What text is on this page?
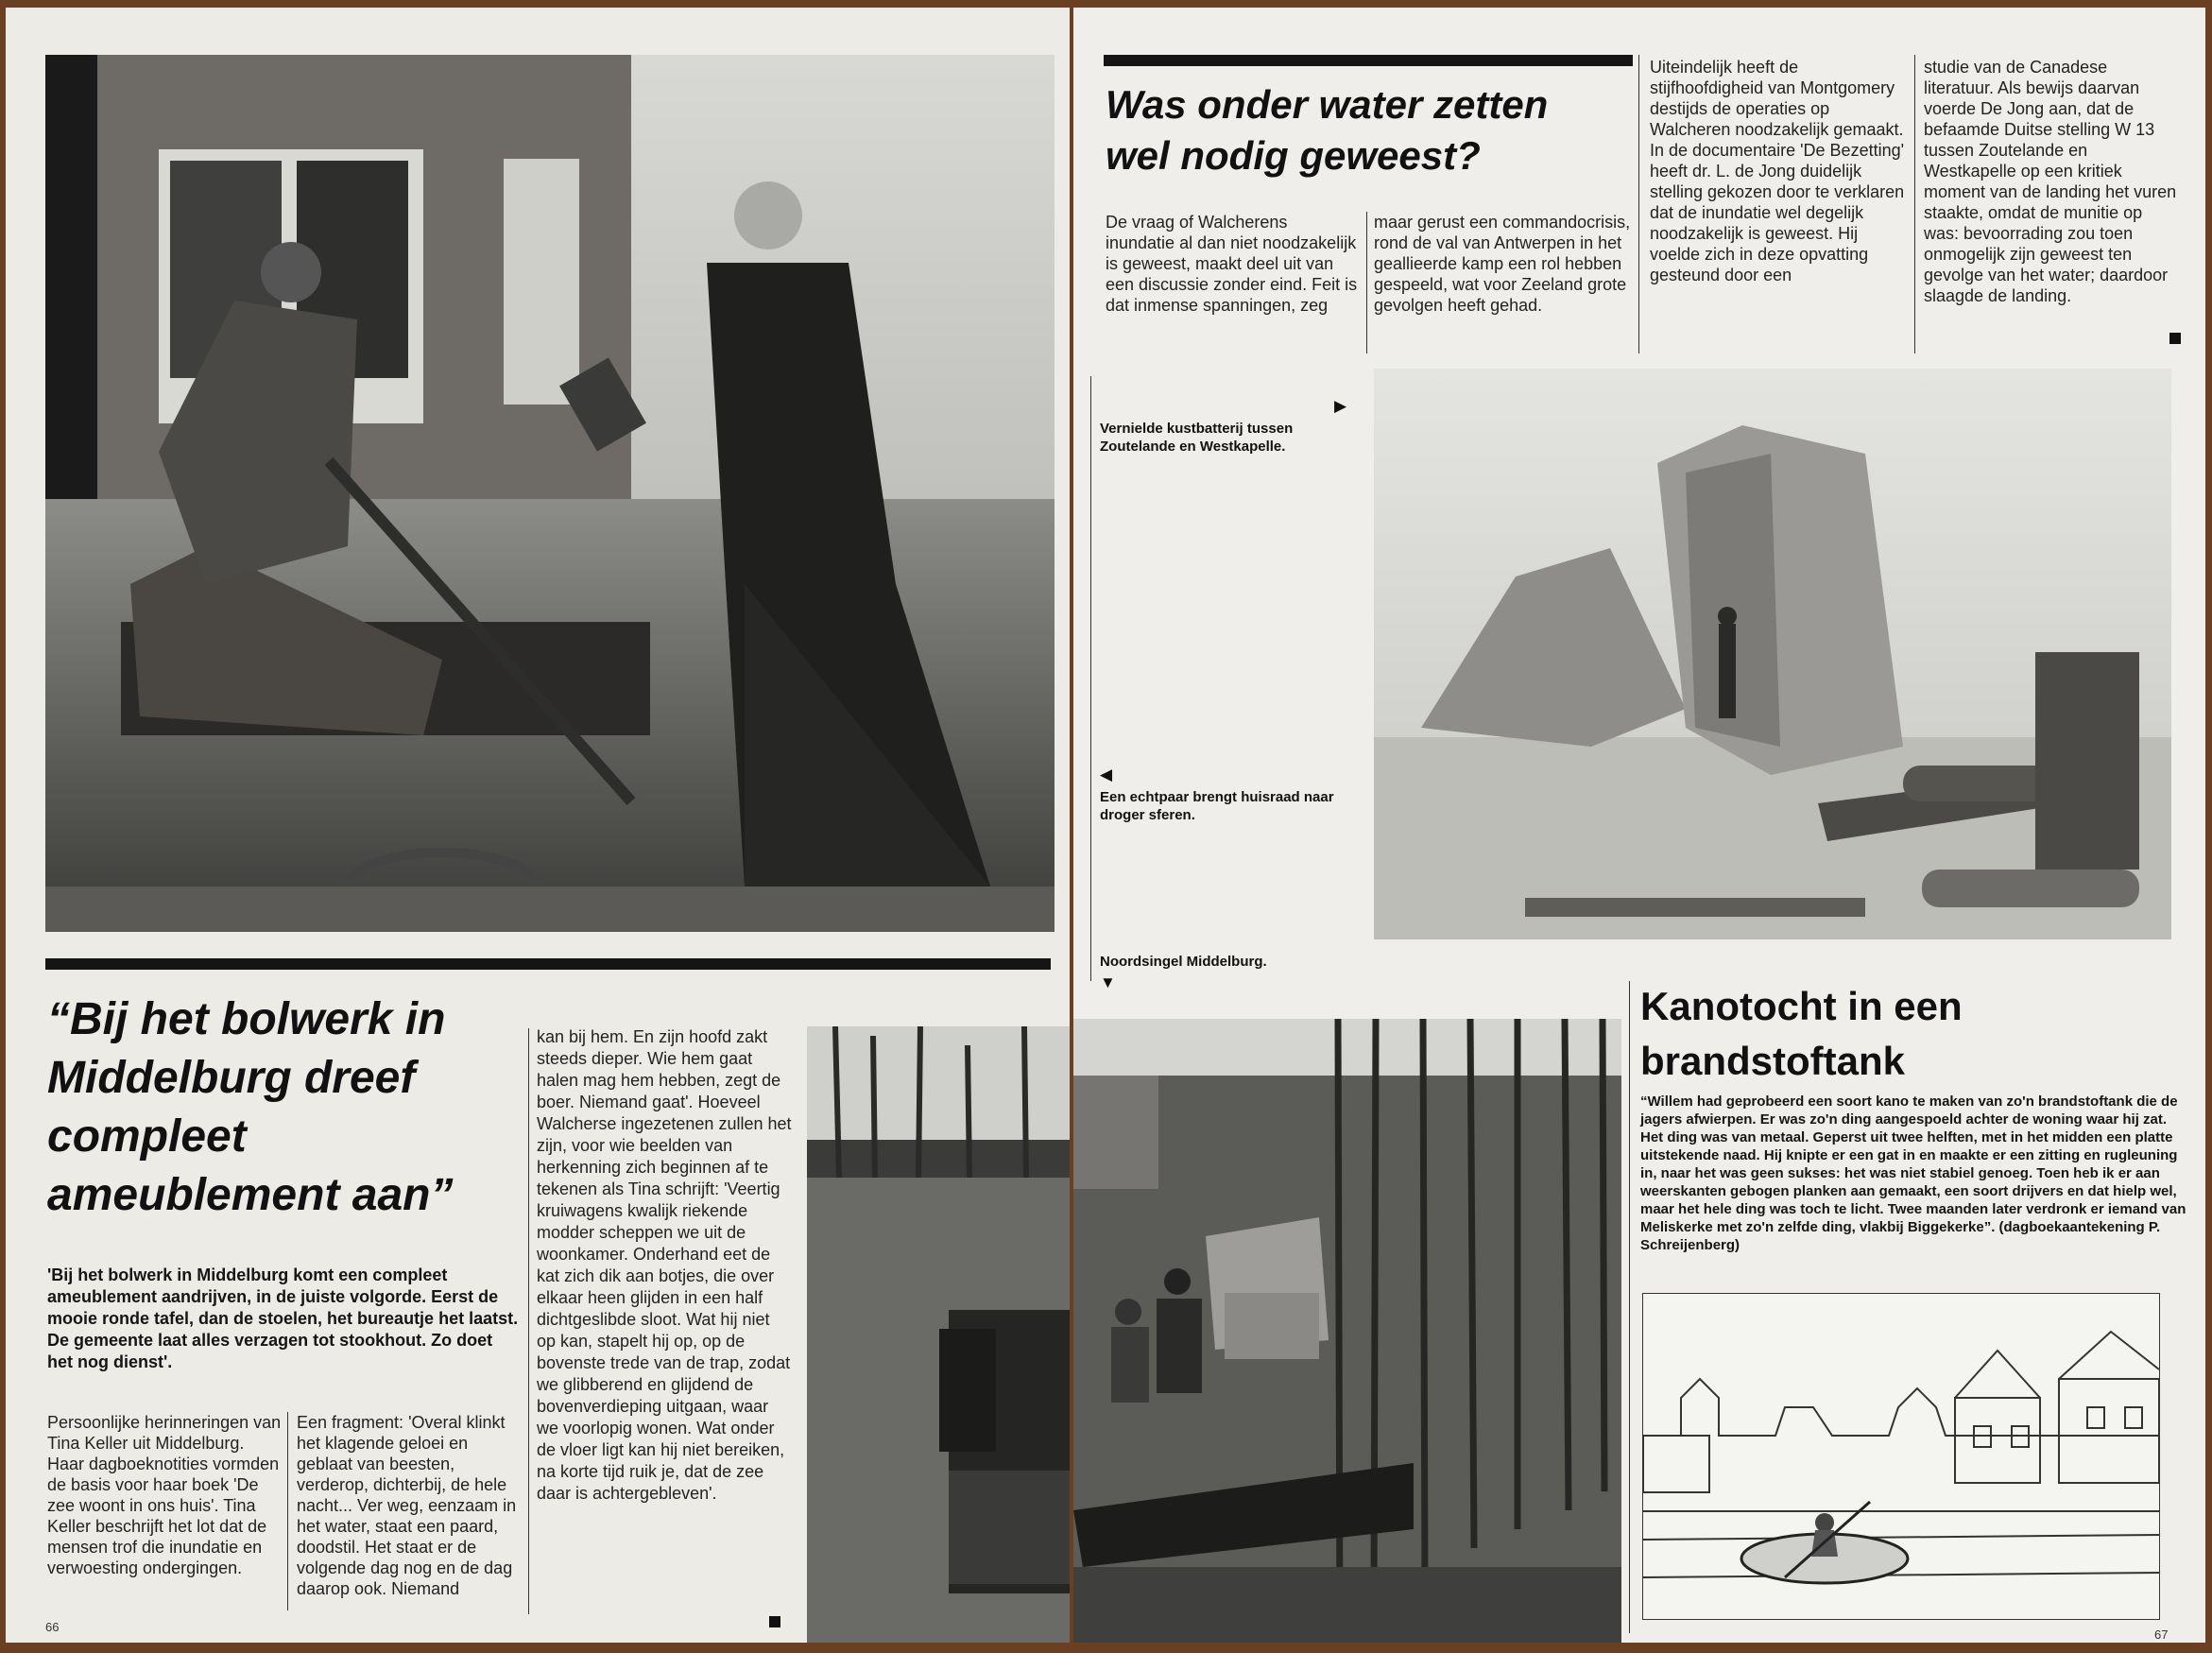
“Bij het bolwerk in Middelburg dreef compleet ameublement aan”

'Bij het bolwerk in Middelburg komt een compleet ameublement aandrijven, in de juiste volgorde. Eerst de mooie ronde tafel, dan de stoelen, het bureautje het laatst. De gemeente laat alles verzagen tot stookhout. Zo doet het nog dienst'.

Persoonlijke herinneringen van Tina Keller uit Middelburg. Haar dagboeknotities vormden de basis voor haar boek 'De zee woont in ons huis'. Tina Keller beschrijft het lot dat de mensen trof die inundatie en verwoesting ondergingen.

Een fragment: 'Overal klinkt het klagende geloei en geblaat van beesten, verderop, dichterbij, de hele nacht... Ver weg, eenzaam in het water, staat een paard, doodstil. Het staat er de volgende dag nog en de dag daarop ook. Niemand

kan bij hem. En zijn hoofd zakt steeds dieper. Wie hem gaat halen mag hem hebben, zegt de boer. Niemand gaat'. Hoeveel Walcherse ingezetenen zullen het zijn, voor wie beelden van herkenning zich beginnen af te tekenen als Tina schrijft: 'Veertig kruiwagens kwalijk riekende modder scheppen we uit de woonkamer. Onderhand eet de kat zich dik aan botjes, die over elkaar heen glijden in een half dichtgeslibde sloot. Wat hij niet op kan, stapelt hij op, op de bovenste trede van de trap, zodat we glibberend en glijdend de bovenverdieping uitgaan, waar we voorlopig wonen. Wat onder de vloer ligt kan hij niet bereiken, na korte tijd ruik je, dat de zee daar is achtergebleven'.

66
Was onder water zetten wel nodig geweest?

De vraag of Walcherens inundatie al dan niet noodzakelijk is geweest, maakt deel uit van een discussie zonder eind. Feit is dat inmense spanningen, zeg

maar gerust een commandocrisis, rond de val van Antwerpen in het geallieerde kamp een rol hebben gespeeld, wat voor Zeeland grote gevolgen heeft gehad.

Uiteindelijk heeft de stijfhoofdigheid van Montgomery destijds de operaties op Walcheren noodzakelijk gemaakt. In de documentaire 'De Bezetting' heeft dr. L. de Jong duidelijk stelling gekozen door te verklaren dat de inundatie wel degelijk noodzakelijk is geweest. Hij voelde zich in deze opvatting gesteund door een

studie van de Canadese literatuur. Als bewijs daarvan voerde De Jong aan, dat de befaamde Duitse stelling W 13 tussen Zoutelande en Westkapelle op een kritiek moment van de landing het vuren staakte, omdat de munitie op was: bevoorrading zou toen onmogelijk zijn geweest ten gevolge van het water; daardoor slaagde de landing.

▶

Vernielde kustbatterij tussen Zoutelande en Westkapelle.

◀

Een echtpaar brengt huisraad naar droger sferen.

Noordsingel Middelburg.

▼
Kanotocht in een brandstoftank

“Willem had geprobeerd een soort kano te maken van zo'n brandstoftank die de jagers afwierpen. Er was zo'n ding aangespoeld achter de woning waar hij zat. Het ding was van metaal. Geperst uit twee helften, met in het midden een platte uitstekende naad. Hij knipte er een gat in en maakte er een zitting en rugleuning in, naar het was geen sukses: het was niet stabiel genoeg. Toen heb ik er aan weerskanten gebogen planken aan gemaakt, een soort drijvers en dat hielp wel, maar het hele ding was toch te licht. Twee maanden later verdronk er iemand van Meliskerke met zo'n zelfde ding, vlakbij Biggekerke”. (dagboekaantekening P. Schreijenberg)

67
